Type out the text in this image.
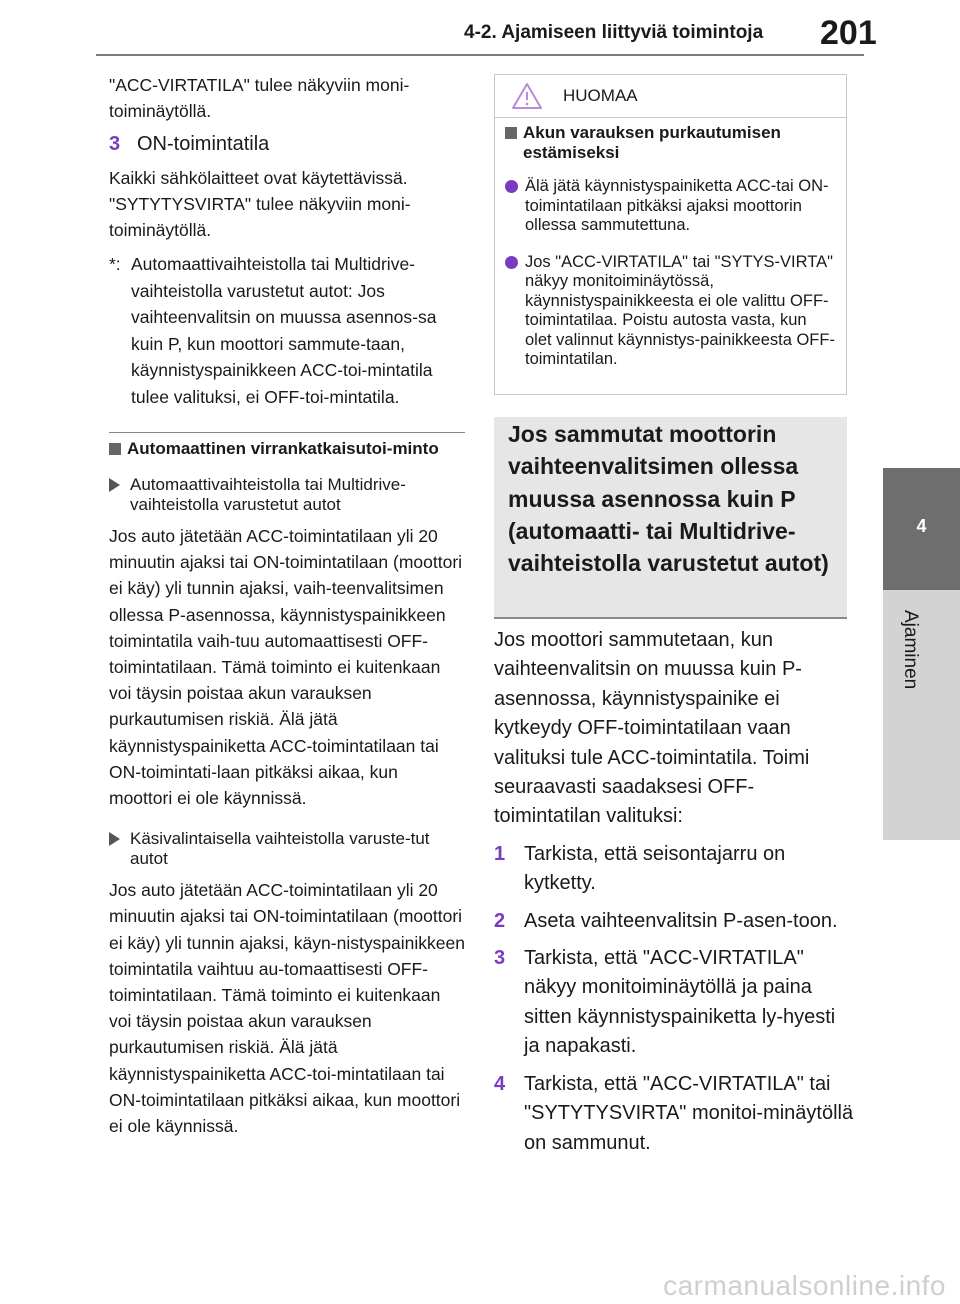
4-2. Ajamiseen liittyviä toimintoja 201
4
Ajaminen

"ACC-VIRTATILA" tulee näkyviin moni-toiminäytöllä.

3 ON-toimintatila

Kaikki sähkölaitteet ovat käytettävissä. "SYTYTYSVIRTA" tulee näkyviin moni-toiminäytöllä.

*: Automaattivaihteistolla tai Multidrive-vaihteistolla varustetut autot: Jos vaihteenvalitsin on muussa asennos-sa kuin P, kun moottori sammute-taan, käynnistyspainikkeen ACC-toi-mintatila tulee valituksi, ei OFF-toi-mintatila.
Automaattinen virrankatkaisutoi-minto
Automaattivaihteistolla tai Multidrive-vaihteistolla varustetut autot

Jos auto jätetään ACC-toimintatilaan yli 20 minuutin ajaksi tai ON-toimintatilaan (moottori ei käy) yli tunnin ajaksi, vaih-teenvalitsimen ollessa P-asennossa, käynnistyspainikkeen toimintatila vaih-tuu automaattisesti OFF-toimintatilaan. Tämä toiminto ei kuitenkaan voi täysin poistaa akun varauksen purkautumisen riskiä. Älä jätä käynnistyspainiketta ACC-toimintatilaan tai ON-toimintati-laan pitkäksi aikaa, kun moottori ei ole käynnissä.

Käsivalintaisella vaihteistolla varuste-tut autot

Jos auto jätetään ACC-toimintatilaan yli 20 minuutin ajaksi tai ON-toimintatilaan (moottori ei käy) yli tunnin ajaksi, käyn-nistyspainikkeen toimintatila vaihtuu au-tomaattisesti OFF-toimintatilaan. Tämä toiminto ei kuitenkaan voi täysin poistaa akun varauksen purkautumisen riskiä. Älä jätä käynnistyspainiketta ACC-toi-mintatilaan tai ON-toimintatilaan pitkäksi aikaa, kun moottori ei ole käynnissä.

HUOMAA
Akun varauksen purkautumisen estämiseksi
Älä jätä käynnistyspainiketta ACC-tai ON-toimintatilaan pitkäksi ajaksi moottorin ollessa sammutettuna.
Jos "ACC-VIRTATILA" tai "SYTYS-VIRTA" näkyy monitoiminäytössä, käynnistyspainikkeesta ei ole valittu OFF-toimintatilaa. Poistu autosta vasta, kun olet valinnut käynnistys-painikkeesta OFF-toimintatilan.
Jos sammutat moottorin vaihteenvalitsimen ollessa muussa asennossa kuin P (automaatti- tai Multidrive-vaihteistolla varustetut autot)

Jos moottori sammutetaan, kun vaihteenvalitsin on muussa kuin P-asennossa, käynnistyspainike ei kytkeydy OFF-toimintatilaan vaan valituksi tule ACC-toimintatila. Toimi seuraavasti saadaksesi OFF-toimintatilan valituksi:

1 Tarkista, että seisontajarru on kytketty.
2 Aseta vaihteenvalitsin P-asen-toon.
3 Tarkista, että "ACC-VIRTATILA" näkyy monitoiminäytöllä ja paina sitten käynnistyspainiketta ly-hyesti ja napakasti.
4 Tarkista, että "ACC-VIRTATILA" tai "SYTYTYSVIRTA" monitoi-minäytöllä on sammunut.
carmanualsonline.info
